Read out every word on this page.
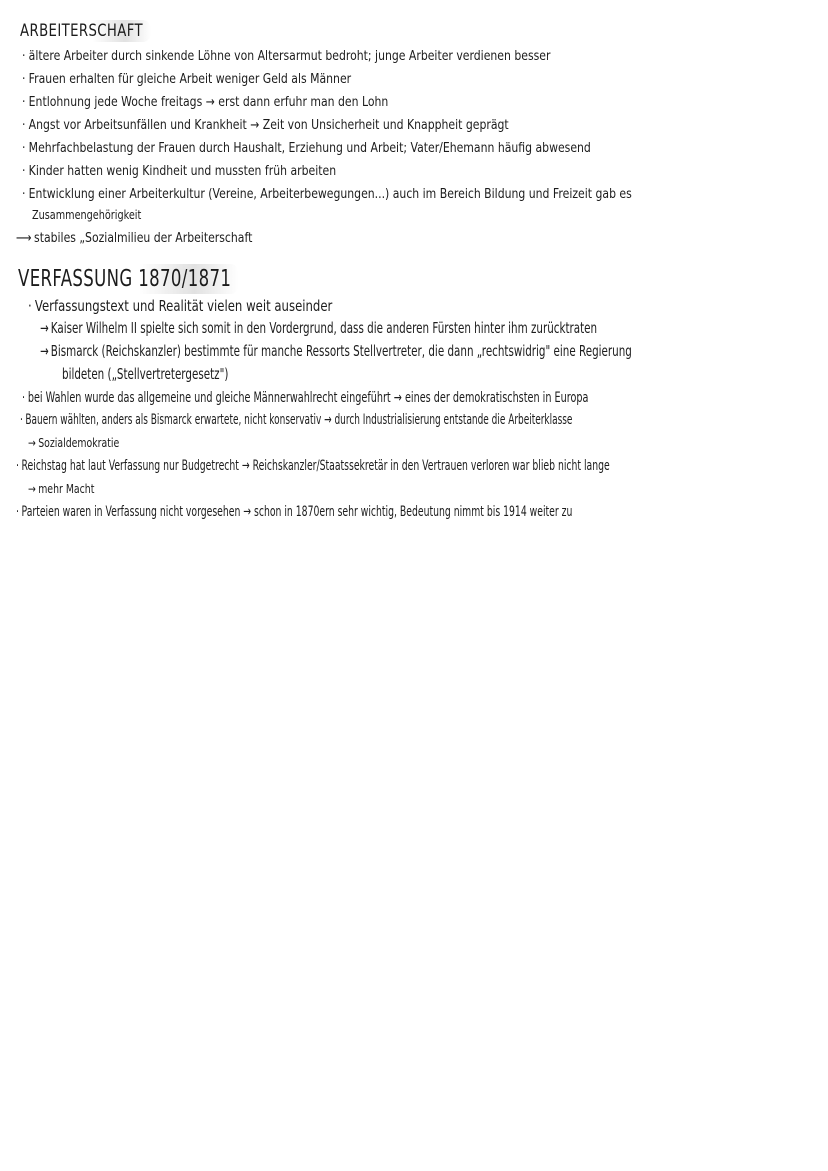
ARBEITERSCHAFT

· ältere Arbeiter durch sinkende Löhne von Altersarmut bedroht; junge Arbeiter verdienen besser

· Frauen erhalten für gleiche Arbeit weniger Geld als Männer

· Entlohnung jede Woche freitags → erst dann erfuhr man den Lohn

· Angst vor Arbeitsunfällen und Krankheit → Zeit von Unsicherheit und Knappheit geprägt

· Mehrfachbelastung der Frauen durch Haushalt, Erziehung und Arbeit; Vater/Ehemann häufig abwesend

· Kinder hatten wenig Kindheit und mussten früh arbeiten

· Entwicklung einer Arbeiterkultur (Vereine, Arbeiterbewegungen...) auch im Bereich Bildung und Freizeit gab es

Zusammengehörigkeit

⟶ stabiles „Sozialmilieu der Arbeiterschaft

VERFASSUNG 1870/1871

· Verfassungstext und Realität vielen weit auseinder

→ Kaiser Wilhelm II spielte sich somit in den Vordergrund, dass die anderen Fürsten hinter ihm zurücktraten

→ Bismarck (Reichskanzler) bestimmte für manche Ressorts Stellvertreter, die dann „rechtswidrig" eine Regierung

bildeten („Stellvertretergesetz")

· bei Wahlen wurde das allgemeine und gleiche Männerwahlrecht eingeführt → eines der demokratischsten in Europa

· Bauern wählten, anders als Bismarck erwartete, nicht konservativ → durch Industrialisierung entstande die Arbeiterklasse

→ Sozialdemokratie

· Reichstag hat laut Verfassung nur Budgetrecht → Reichskanzler/Staatssekretär in den Vertrauen verloren war blieb nicht lange

→ mehr Macht

· Parteien waren in Verfassung nicht vorgesehen → schon in 1870ern sehr wichtig, Bedeutung nimmt bis 1914 weiter zu
